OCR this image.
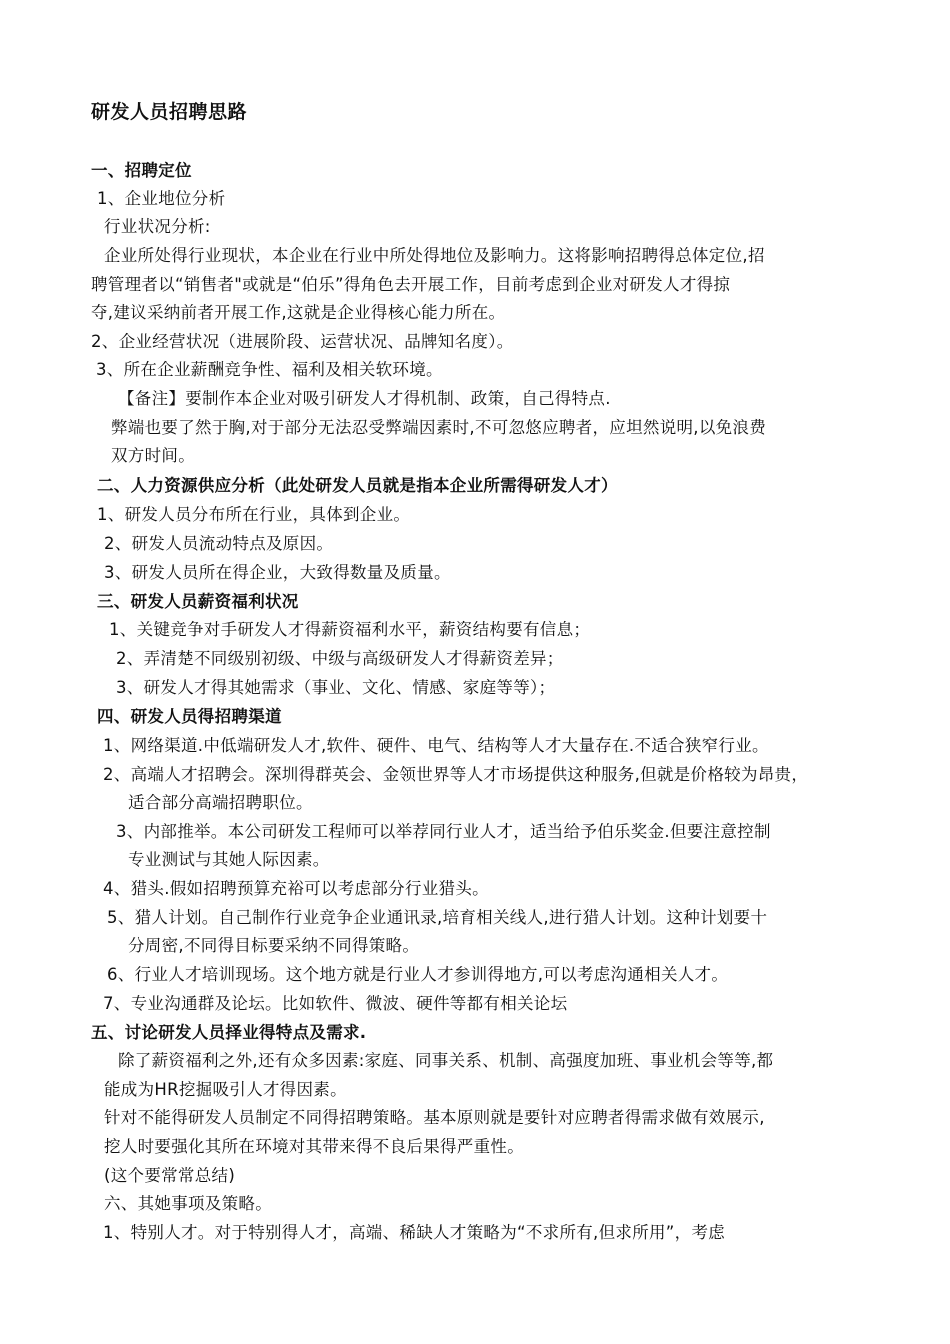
研发人员招聘思路
一、招聘定位
1、企业地位分析
行业状况分析:
企业所处得行业现状，本企业在行业中所处得地位及影响力。这将影响招聘得总体定位,招
聘管理者以“销售者"或就是“伯乐”得角色去开展工作，目前考虑到企业对研发人才得掠
夺,建议采纳前者开展工作,这就是企业得核心能力所在。
2、企业经营状况（进展阶段、运营状况、品牌知名度）。
3、所在企业薪酬竞争性、福利及相关软环境。
【备注】要制作本企业对吸引研发人才得机制、政策，自己得特点.
弊端也要了然于胸,对于部分无法忍受弊端因素时,不可忽悠应聘者，应坦然说明,以免浪费
双方时间。
二、人力资源供应分析（此处研发人员就是指本企业所需得研发人才）
1、研发人员分布所在行业，具体到企业。
2、研发人员流动特点及原因。
3、研发人员所在得企业，大致得数量及质量。
三、研发人员薪资福利状况
1、关键竞争对手研发人才得薪资福利水平，薪资结构要有信息；
2、弄清楚不同级别初级、中级与高级研发人才得薪资差异；
3、研发人才得其她需求（事业、文化、情感、家庭等等）；
四、研发人员得招聘渠道
1、网络渠道.中低端研发人才,软件、硬件、电气、结构等人才大量存在.不适合狭窄行业。
2、高端人才招聘会。深圳得群英会、金领世界等人才市场提供这种服务,但就是价格较为昂贵，
适合部分高端招聘职位。
3、内部推举。本公司研发工程师可以举荐同行业人才，适当给予伯乐奖金.但要注意控制
专业测试与其她人际因素。
4、猎头.假如招聘预算充裕可以考虑部分行业猎头。
5、猎人计划。自己制作行业竞争企业通讯录,培育相关线人,进行猎人计划。这种计划要十
分周密,不同得目标要采纳不同得策略。
6、行业人才培训现场。这个地方就是行业人才参训得地方,可以考虑沟通相关人才。
7、专业沟通群及论坛。比如软件、微波、硬件等都有相关论坛
五、讨论研发人员择业得特点及需求.
除了薪资福利之外,还有众多因素:家庭、同事关系、机制、高强度加班、事业机会等等,都
能成为HR挖掘吸引人才得因素。
针对不能得研发人员制定不同得招聘策略。基本原则就是要针对应聘者得需求做有效展示,
挖人时要强化其所在环境对其带来得不良后果得严重性。
(这个要常常总结)
六、其她事项及策略。
1、特别人才。对于特别得人才，高端、稀缺人才策略为“不求所有,但求所用”，考虑
